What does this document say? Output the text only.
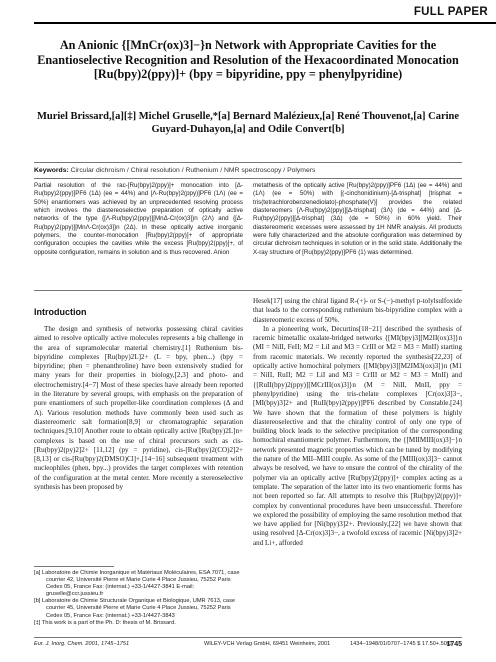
FULL PAPER
An Anionic {[MnCr(ox)3]−}n Network with Appropriate Cavities for the Enantioselective Recognition and Resolution of the Hexacoordinated Monocation [Ru(bpy)2(ppy)]+ (bpy = bipyridine, ppy = phenylpyridine)
Muriel Brissard,[a][‡] Michel Gruselle,*[a] Bernard Malézieux,[a] René Thouvenot,[a] Carine Guyard-Duhayon,[a] and Odile Convert[b]
Keywords: Circular dichroism / Chiral resolution / Ruthenium / NMR spectroscopy / Polymers
Partial resolution of the rac-[Ru(bpy)2(ppy)]+ monocation into [Δ-Ru(bpy)2(ppy)]PF6 (1Δ) (ee = 44%) and [Λ-Ru(bpy)2(ppy)]PF6 (1Λ) (ee = 50%) enantiomers was achieved by an unprecedented resolving process which involves the diastereoselective preparation of optically active networks of the type {[Λ-Ru(bpy)2(ppy)][MnΔ-Cr(ox)3]}n (2Λ) and {[Δ-Ru(bpy)2(ppy)][MnΛ-Cr(ox)3]}n (2Δ). In these optically active inorganic polymers, the counter-monocation [Ru(bpy)2(ppy)]+ of appropriate configuration occupies the cavities while the excess [Ru(bpy)2(ppy)]+, of opposite configuration, remains in solution and is thus recovered. Anion
metathesis of the optically active [Ru(bpy)2(ppy)]PF6 (1Δ) (ee = 44%) and (1Λ) (ee = 50%) with [(-cinchonidinium)-[Δ-trisphat] [trisphat = tris(tetrachlorobenzenediolato)-phosphate(V)] provides the related diastereomers [Λ-Ru(bpy)2(ppy)][Δ-trisphat] (3Λ) (de = 44%) and [Δ-Ru(bpy)2(ppy)][Δ-trisphat] (3Δ) (de = 50%) in 60% yield. Their diastereomeric excesses were assessed by 1H NMR analysis. All products were fully characterized and the absolute configuration was determined by circular dichroism techniques in solution or in the solid state. Additionally the X-ray structure of [Ru(bpy)2(ppy)]PF6 (1) was determined.
Introduction

The design and synthesis of networks possessing chiral cavities aimed to resolve optically active molecules represents a big challenge in the area of supramolecular material chemistry.[1] Ruthenium bis-bipyridine complexes [Ru(bpy)2L]2+ (L = bpy, phen...) (bpy = bipyridine; phen = phenanthroline) have been extensively studied for many years for their properties in biology,[2,3] and photo- and electrochemistry.[4−7] Most of these species have already been reported in the literature by several groups, with emphasis on the preparation of pure enantiomers of such propeller-like coordination complexes (Δ and Λ). Various resolution methods have commonly been used such as diastereomeric salt formation[8,9] or chromatographic separation techniques.[9,10] Another route to obtain optically active [Ru(bpy)2L]n+ complexes is based on the use of chiral precursors such as cis-[Ru(bpy)2(py)2]2+ [11,12] (py = pyridine), cis-[Ru(bpy)2(CO)2]2+ [8,13] or cis-[Ru(bpy)2(DMSO)Cl]+,[14−16] subsequent treatment with nucleophiles (phen, bpy...) provides the target complexes with retention of the configuration at the metal center. More recently a stereoselective synthesis has been proposed by

Hesek[17] using the chiral ligand R-(+)- or S-(−)-methyl p-tolylsulfoxide that leads to the corresponding ruthenium bis-bipyridine complex with a diastereomeric excess of 50%.

In a pioneering work, Decurtins[18−21] described the synthesis of racemic bimetallic oxalate-bridged networks {[MI(bpy)3][M2II(ox)3]}n (MI = NiII, FeII; M2 = LiI and M3 = CrIII or M2 = M3 = MnII) starting from racemic materials. We recently reported the synthesis[22,23] of optically active homochiral polymers {[MI(bpy)3][M2IM3(ox)3]}n (M1 = NiII, RuII; M2 = LiI and M3 = CrIII or M2 = M3 = MnII) and {[RuII(bpy)2(ppy)][MCrIII(ox)3]}n (M = NiII, MnII, ppy = phenylpyridine) using the tris-chelate complexes [Cr(ox)3]3−, [MI(bpy)3]2+ and [RuII(bpy)2(ppy)]PF6 described by Constable.[24] We have shown that the formation of these polymers is highly diastereoselective and that the chirality control of only one type of building block leads to the selective precipitation of the corresponding homochiral enantiomeric polymer. Furthermore, the {[MIIMIII(ox)3]−}n network presented magnetic properties which can be tuned by modifying the nature of the MII–MIII couple. As some of the [MIII(ox)3]3− cannot always be resolved, we have to ensure the control of the chirality of the polymer via an optically active [Ru(bpy)2(ppy)]+ complex acting as a template. The separation of the latter into its two enantiomeric forms has not been reported so far. All attempts to resolve this [Ru(bpy)2(ppy)]+ complex by conventional procedures have been unsuccessful. Therefore we explored the possibility of employing the same resolution method that we have applied for [Ni(bpy)3]2+. Previously,[22] we have shown that using resolved [Δ-Cr(ox)3]3−, a twofold excess of racemic [Ni(bpy)3]2+ and Li+, afforded

[a] Laboratoire de Chimie Inorganique et Matériaux Moléculaires, ESA 7071, case courrier 42, Université Pierre et Marie Curie 4 Place Jussieu, 75252 Paris Cedex 05, France Fax: (internat.) +33-1/4427-3841 E-mail: gruselle@ccr.jussieu.fr
[b] Laboratoire de Chimie Structurale Organique et Biologique, UMR 7613, case courrier 45, Université Pierre et Marie Curie 4 Place Jussieu, 75252 Paris Cedex 05, France Fax: (internat.) +33-1/4427-3843
[‡] This work is a part of the Ph. D: thesis of M. Brissard.
Eur. J. Inorg. Chem. 2001, 1745−1751	WILEY-VCH Verlag GmbH, 69451 Weinheim, 2001	1434−1948/01/0707−1745 $ 17.50+.50/0
1745
